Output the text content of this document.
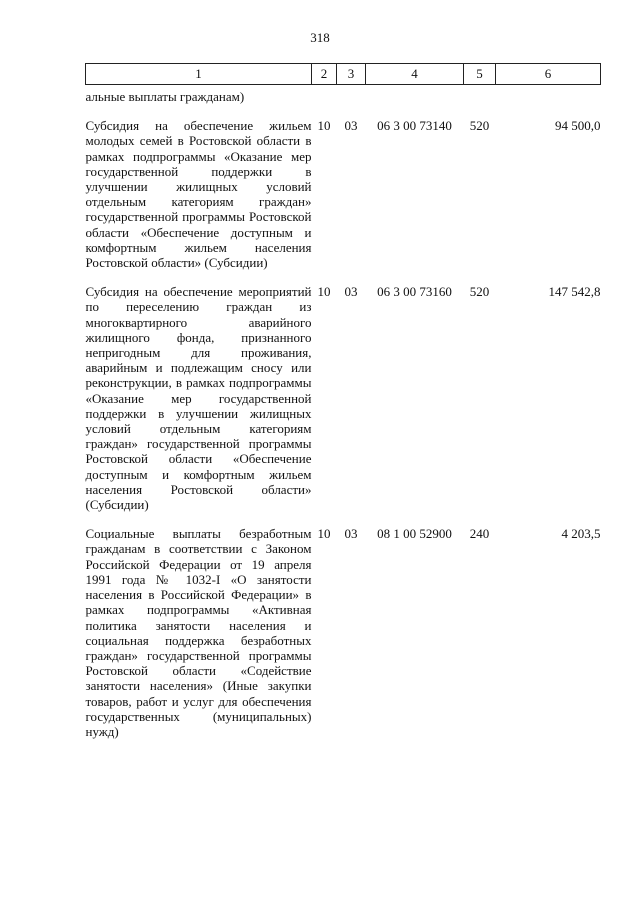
318
1	2	3	4	5	6
альные выплаты гражданам)					
Субсидия на обеспечение жильем молодых семей в Ростовской области в рамках подпрограммы «Оказание мер государственной поддержки в улучшении жилищных условий отдельным категориям граждан» государственной программы Ростовской области «Обеспечение доступным и комфортным жильем населения Ростовской области» (Субсидии)	10	03	06 3 00 73140	520	94 500,0
Субсидия на обеспечение мероприятий по переселению граждан из многоквартирного аварийного жилищного фонда, признанного непригодным для проживания, аварийным и подлежащим сносу или реконструкции, в рамках подпрограммы «Оказание мер государственной поддержки в улучшении жилищных условий отдельным категориям граждан» государственной программы Ростовской области «Обеспечение доступным и комфортным жильем населения Ростовской области» (Субсидии)	10	03	06 3 00 73160	520	147 542,8
Социальные выплаты безработным гражданам в соответствии с Законом Российской Федерации от 19 апреля 1991 года № 1032-I «О занятости населения в Российской Федерации» в рамках подпрограммы «Активная политика занятости населения и социальная поддержка безработных граждан» государственной программы Ростовской области «Содействие занятости населения» (Иные закупки товаров, работ и услуг для обеспечения государственных (муниципальных) нужд)	10	03	08 1 00 52900	240	4 203,5
